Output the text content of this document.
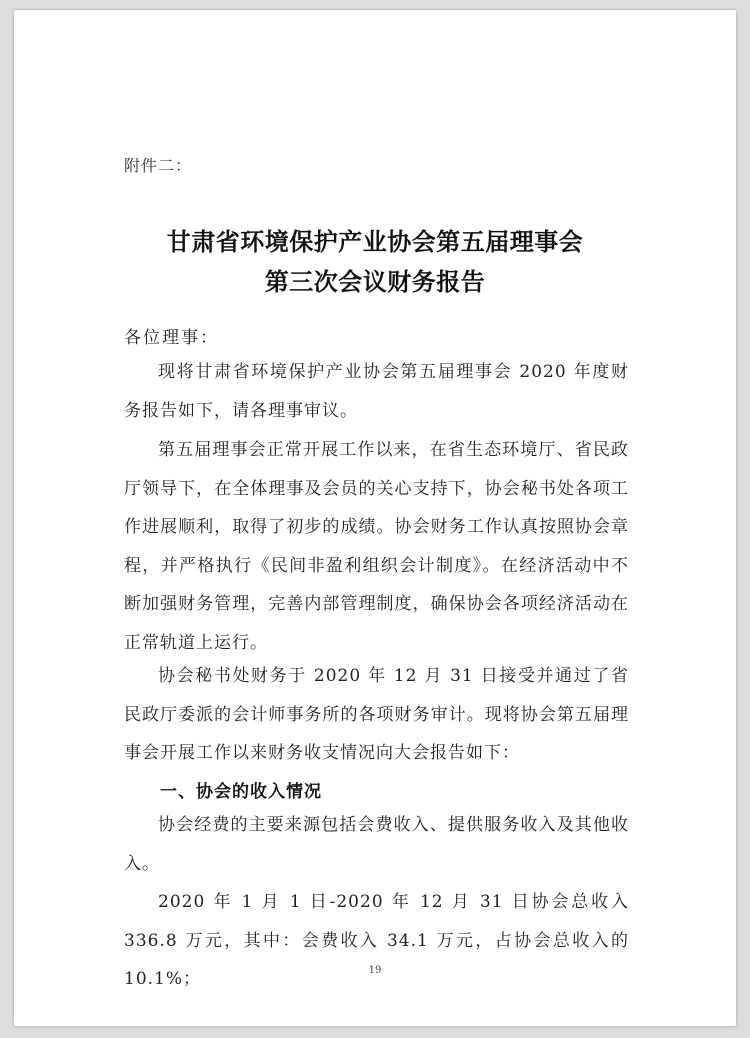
附件二：
甘肃省环境保护产业协会第五届理事会
第三次会议财务报告
各位理事：

现将甘肃省环境保护产业协会第五届理事会 2020 年度财务报告如下，请各理事审议。

第五届理事会正常开展工作以来，在省生态环境厅、省民政厅领导下，在全体理事及会员的关心支持下，协会秘书处各项工作进展顺利，取得了初步的成绩。协会财务工作认真按照协会章程，并严格执行《民间非盈利组织会计制度》。在经济活动中不断加强财务管理，完善内部管理制度，确保协会各项经济活动在正常轨道上运行。

协会秘书处财务于 2020 年 12 月 31 日接受并通过了省民政厅委派的会计师事务所的各项财务审计。现将协会第五届理事会开展工作以来财务收支情况向大会报告如下：

一、协会的收入情况

协会经费的主要来源包括会费收入、提供服务收入及其他收入。

2020 年 1 月 1 日-2020 年 12 月 31 日协会总收入 336.8 万元，其中：会费收入 34.1 万元，占协会总收入的 10.1%；	19
